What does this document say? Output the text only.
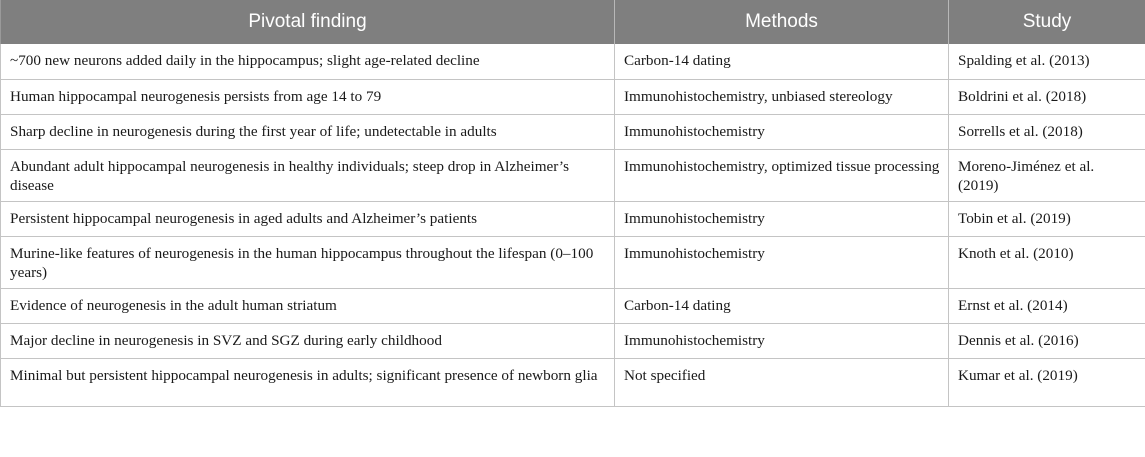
Pivotal finding	Methods	Study
~700 new neurons added daily in the hippocampus; slight age-related decline	Carbon-14 dating	Spalding et al. (2013)
Human hippocampal neurogenesis persists from age 14 to 79	Immunohistochemistry, unbiased stereology	Boldrini et al. (2018)
Sharp decline in neurogenesis during the first year of life; undetectable in adults	Immunohistochemistry	Sorrells et al. (2018)
Abundant adult hippocampal neurogenesis in healthy individuals; steep drop in Alzheimer’s disease	Immunohistochemistry, optimized tissue processing	Moreno-Jiménez et al. (2019)
Persistent hippocampal neurogenesis in aged adults and Alzheimer’s patients	Immunohistochemistry	Tobin et al. (2019)
Murine-like features of neurogenesis in the human hippocampus throughout the lifespan (0–100 years)	Immunohistochemistry	Knoth et al. (2010)
Evidence of neurogenesis in the adult human striatum	Carbon-14 dating	Ernst et al. (2014)
Major decline in neurogenesis in SVZ and SGZ during early childhood	Immunohistochemistry	Dennis et al. (2016)
Minimal but persistent hippocampal neurogenesis in adults; significant presence of newborn glia	Not specified	Kumar et al. (2019)
